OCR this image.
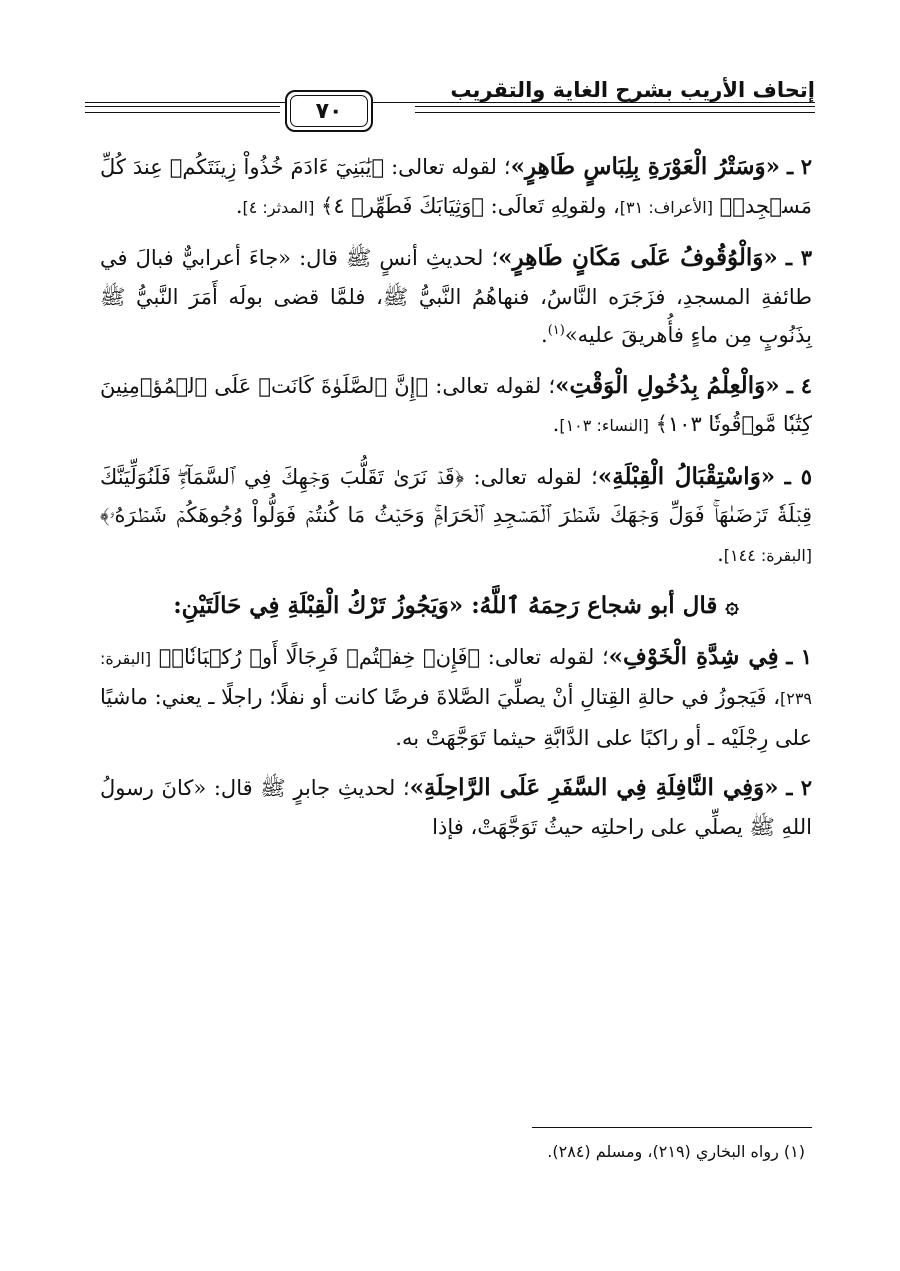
إتحاف الأريب بشرح الغاية والتقريب
٧٠

٢ ـ «وَسَتْرُ الْعَوْرَةِ بِلِبَاسٍ طَاهِرٍ»؛ لقوله تعالى: ﴿يَٰبَنِيٓ ءَادَمَ خُذُواْ زِينَتَكُمۡ عِندَ كُلِّ مَسۡجِدٖ﴾ [الأعراف: ٣١]، ولقولِهِ تَعالَى: ﴿وَثِيَابَكَ فَطَهِّرۡ ٤﴾ [المدثر: ٤].

٣ ـ «وَالْوُقُوفُ عَلَى مَكَانٍ طَاهِرٍ»؛ لحديثِ أنسٍ ﷺ قال: «جاءَ أعرابيٌّ فبالَ في طائفةِ المسجدِ، فزَجَرَه النَّاسُ، فنهاهُمُ النَّبيُّ ﷺ، فلمَّا قضى بولَه أَمَرَ النَّبيُّ ﷺ بِذَنُوبٍ مِن ماءٍ فأُهريقَ عليه»$^{(١)}$.

٤ ـ «وَالْعِلْمُ بِدُخُولِ الْوَقْتِ»؛ لقوله تعالى: ﴿إِنَّ ٱلصَّلَوٰةَ كَانَتۡ عَلَى ٱلۡمُؤۡمِنِينَ كِتَٰبٗا مَّوۡقُوتٗا ١٠٣﴾ [النساء: ١٠٣].

٥ ـ «وَاسْتِقْبَالُ الْقِبْلَةِ»؛ لقوله تعالى: ﴿قَدۡ نَرَىٰ تَقَلُّبَ وَجۡهِكَ فِي ٱلسَّمَآءِۖ فَلَنُوَلِّيَنَّكَ قِبۡلَةٗ تَرۡضَىٰهَاۚ فَوَلِّ وَجۡهَكَ شَطۡرَ ٱلۡمَسۡجِدِ ٱلۡحَرَامِۚ وَحَيۡثُ مَا كُنتُمۡ فَوَلُّواْ وُجُوهَكُمۡ شَطۡرَهُۥ﴾ [البقرة: ١٤٤].

۞ قال أبو شجاع رَحِمَهُ ٱللَّهُ: «وَيَجُوزُ تَرْكُ الْقِبْلَةِ فِي حَالَتَيْنِ:

١ ـ فِي شِدَّةِ الْخَوْفِ»؛ لقوله تعالى: ﴿فَإِنۡ خِفۡتُمۡ فَرِجَالًا أَوۡ رُكۡبَانٗاۖ﴾ [البقرة: ٢٣٩]، فَيَجوزُ في حالةِ القِتالِ أنْ يصلِّيَ الصَّلاةَ فرضًا كانت أو نفلًا؛ راجلًا ـ يعني: ماشيًا على رِجْلَيْه ـ أو راكبًا على الدَّابَّةِ حيثما تَوَجَّهَتْ به.

٢ ـ «وَفِي النَّافِلَةِ فِي السَّفَرِ عَلَى الرَّاحِلَةِ»؛ لحديثِ جابرٍ ﷺ قال: «كانَ رسولُ اللهِ ﷺ يصلِّي على راحلتِه حيثُ تَوَجَّهَتْ، فإذا

(١) رواه البخاري (٢١٩)، ومسلم (٢٨٤).
